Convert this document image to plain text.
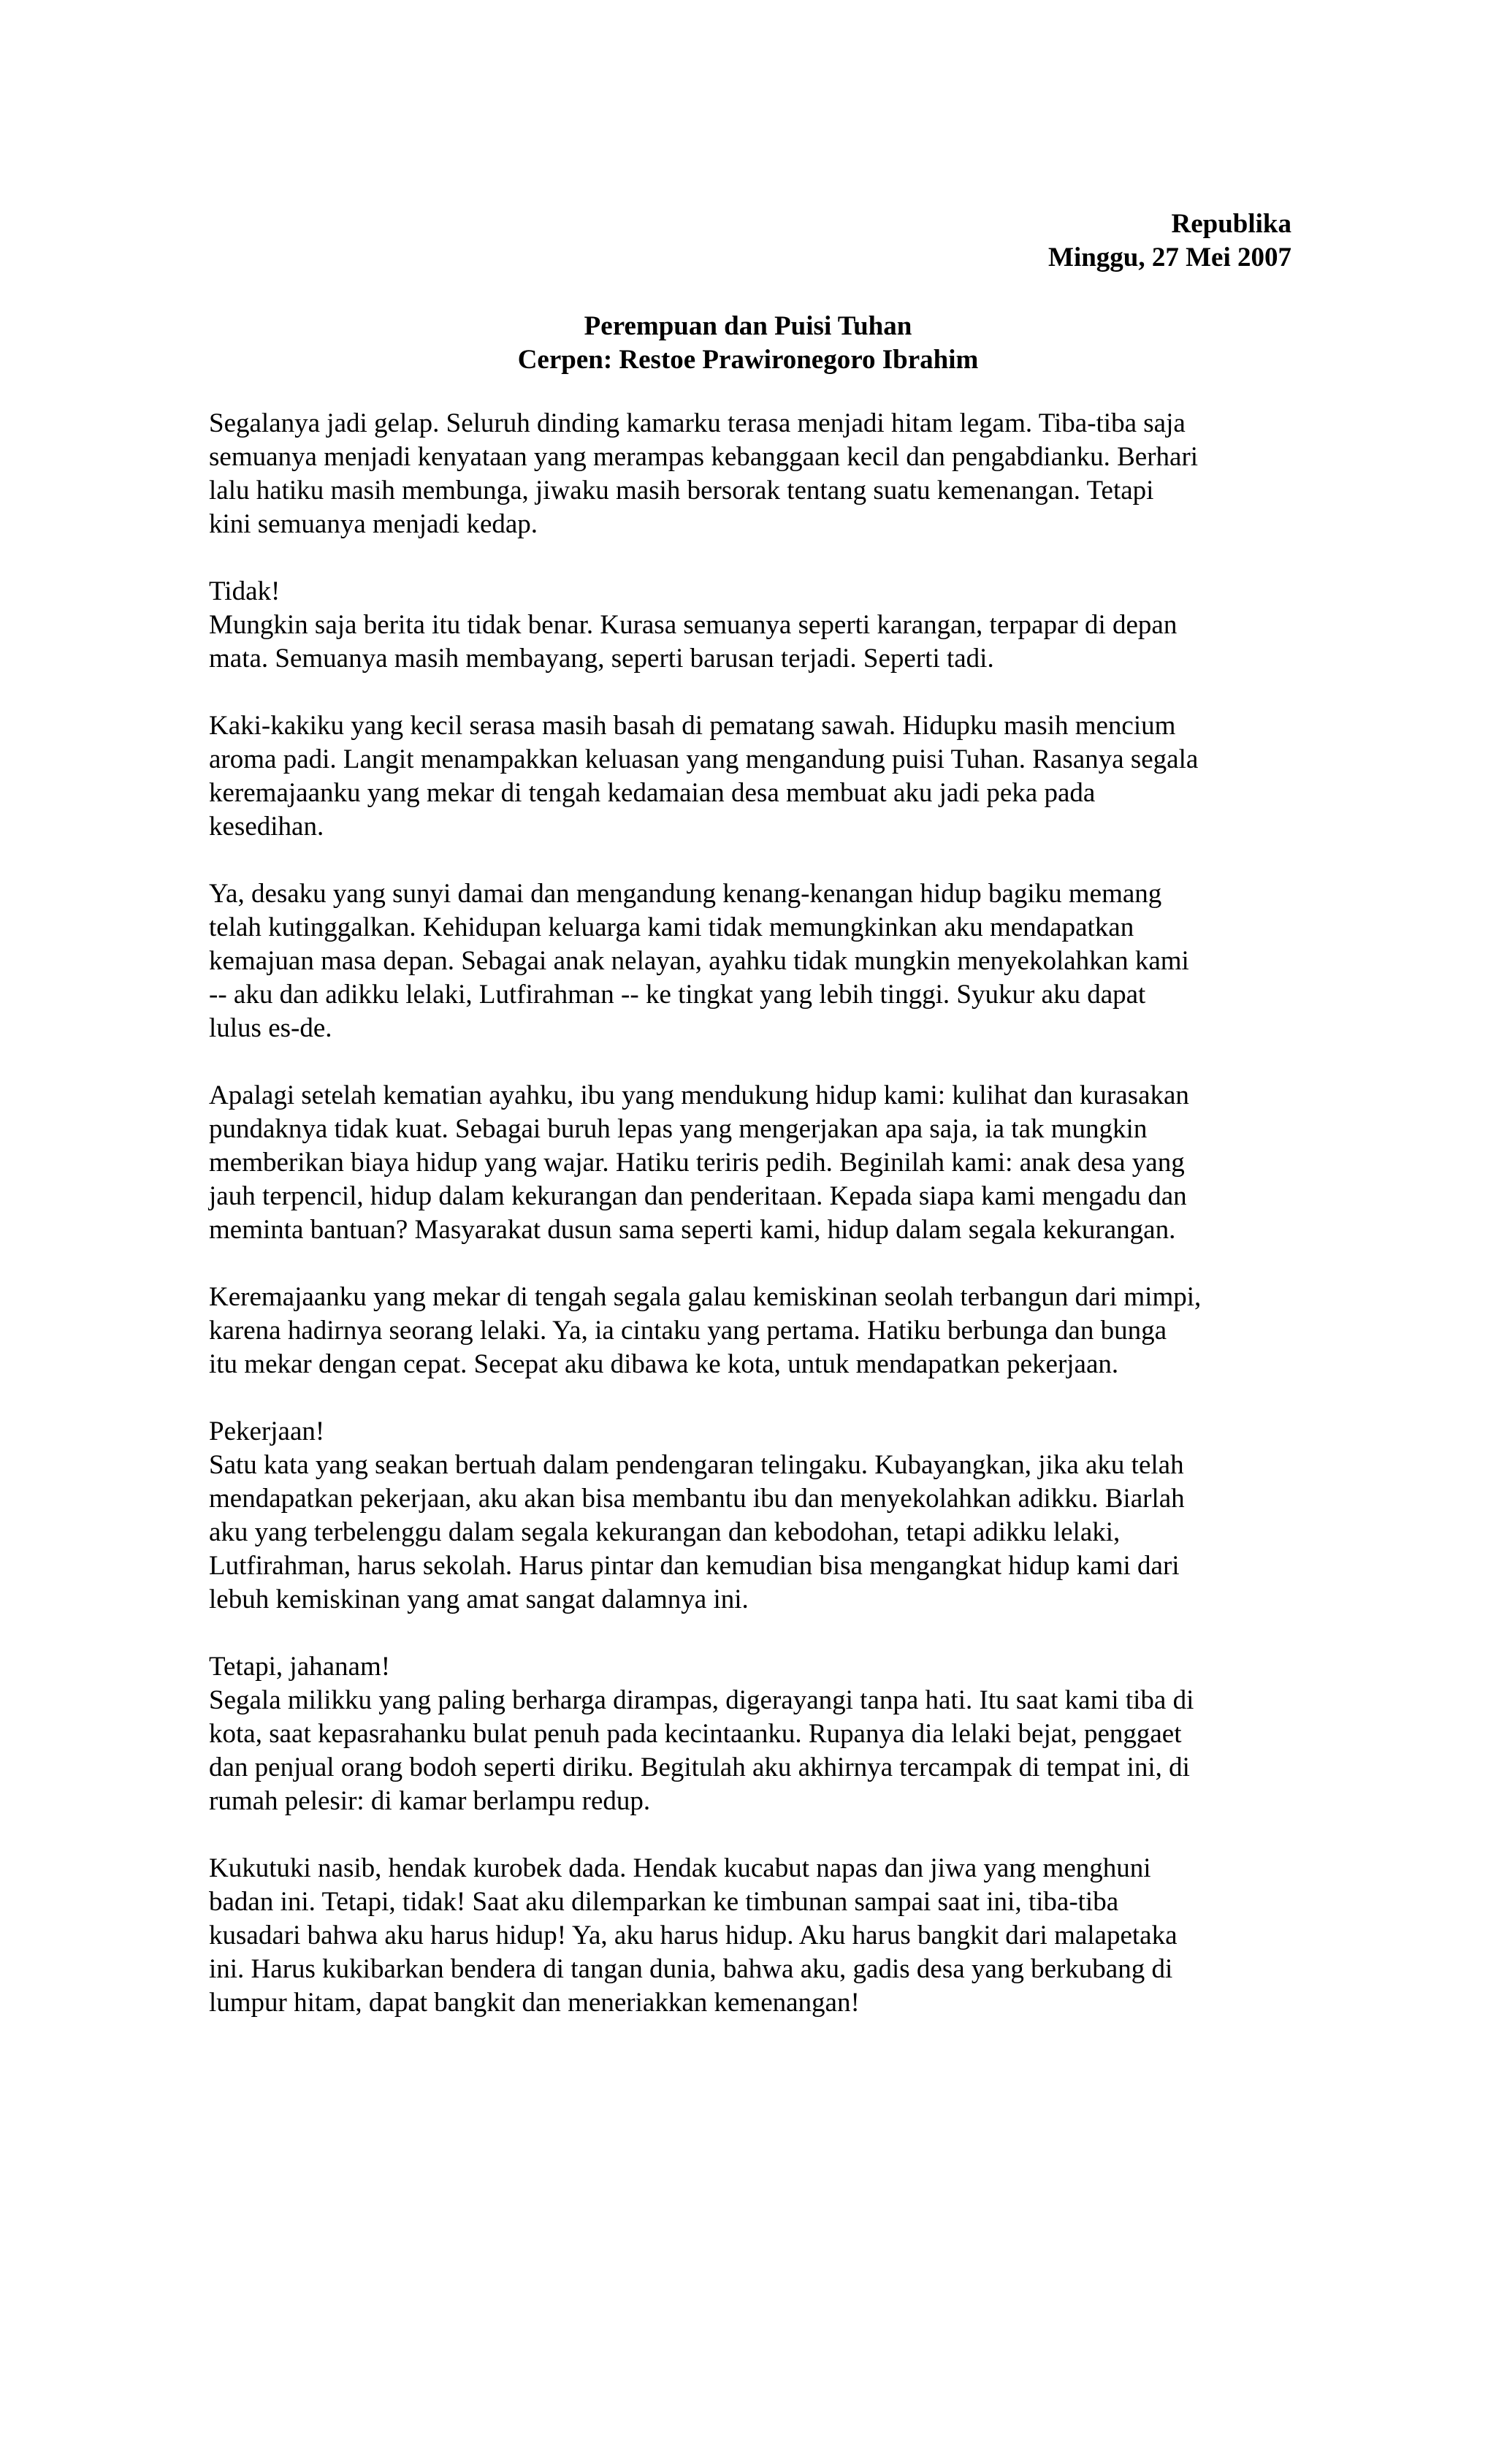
Republika
Minggu, 27 Mei 2007
Perempuan dan Puisi Tuhan
Cerpen: Restoe Prawironegoro Ibrahim

Segalanya jadi gelap. Seluruh dinding kamarku terasa menjadi hitam legam. Tiba-tiba saja
semuanya menjadi kenyataan yang merampas kebanggaan kecil dan pengabdianku. Berhari
lalu hatiku masih membunga, jiwaku masih bersorak tentang suatu kemenangan. Tetapi
kini semuanya menjadi kedap.

Tidak!
Mungkin saja berita itu tidak benar. Kurasa semuanya seperti karangan, terpapar di depan
mata. Semuanya masih membayang, seperti barusan terjadi. Seperti tadi.

Kaki-kakiku yang kecil serasa masih basah di pematang sawah. Hidupku masih mencium
aroma padi. Langit menampakkan keluasan yang mengandung puisi Tuhan. Rasanya segala
keremajaanku yang mekar di tengah kedamaian desa membuat aku jadi peka pada
kesedihan.

Ya, desaku yang sunyi damai dan mengandung kenang-kenangan hidup bagiku memang
telah kutinggalkan. Kehidupan keluarga kami tidak memungkinkan aku mendapatkan
kemajuan masa depan. Sebagai anak nelayan, ayahku tidak mungkin menyekolahkan kami
-- aku dan adikku lelaki, Lutfirahman -- ke tingkat yang lebih tinggi. Syukur aku dapat
lulus es-de.

Apalagi setelah kematian ayahku, ibu yang mendukung hidup kami: kulihat dan kurasakan
pundaknya tidak kuat. Sebagai buruh lepas yang mengerjakan apa saja, ia tak mungkin
memberikan biaya hidup yang wajar. Hatiku teriris pedih. Beginilah kami: anak desa yang
jauh terpencil, hidup dalam kekurangan dan penderitaan. Kepada siapa kami mengadu dan
meminta bantuan? Masyarakat dusun sama seperti kami, hidup dalam segala kekurangan.

Keremajaanku yang mekar di tengah segala galau kemiskinan seolah terbangun dari mimpi,
karena hadirnya seorang lelaki. Ya, ia cintaku yang pertama. Hatiku berbunga dan bunga
itu mekar dengan cepat. Secepat aku dibawa ke kota, untuk mendapatkan pekerjaan.

Pekerjaan!
Satu kata yang seakan bertuah dalam pendengaran telingaku. Kubayangkan, jika aku telah
mendapatkan pekerjaan, aku akan bisa membantu ibu dan menyekolahkan adikku. Biarlah
aku yang terbelenggu dalam segala kekurangan dan kebodohan, tetapi adikku lelaki,
Lutfirahman, harus sekolah. Harus pintar dan kemudian bisa mengangkat hidup kami dari
lebuh kemiskinan yang amat sangat dalamnya ini.

Tetapi, jahanam!
Segala milikku yang paling berharga dirampas, digerayangi tanpa hati. Itu saat kami tiba di
kota, saat kepasrahanku bulat penuh pada kecintaanku. Rupanya dia lelaki bejat, penggaet
dan penjual orang bodoh seperti diriku. Begitulah aku akhirnya tercampak di tempat ini, di
rumah pelesir: di kamar berlampu redup.

Kukutuki nasib, hendak kurobek dada. Hendak kucabut napas dan jiwa yang menghuni
badan ini. Tetapi, tidak! Saat aku dilemparkan ke timbunan sampai saat ini, tiba-tiba
kusadari bahwa aku harus hidup! Ya, aku harus hidup. Aku harus bangkit dari malapetaka
ini. Harus kukibarkan bendera di tangan dunia, bahwa aku, gadis desa yang berkubang di
lumpur hitam, dapat bangkit dan meneriakkan kemenangan!
